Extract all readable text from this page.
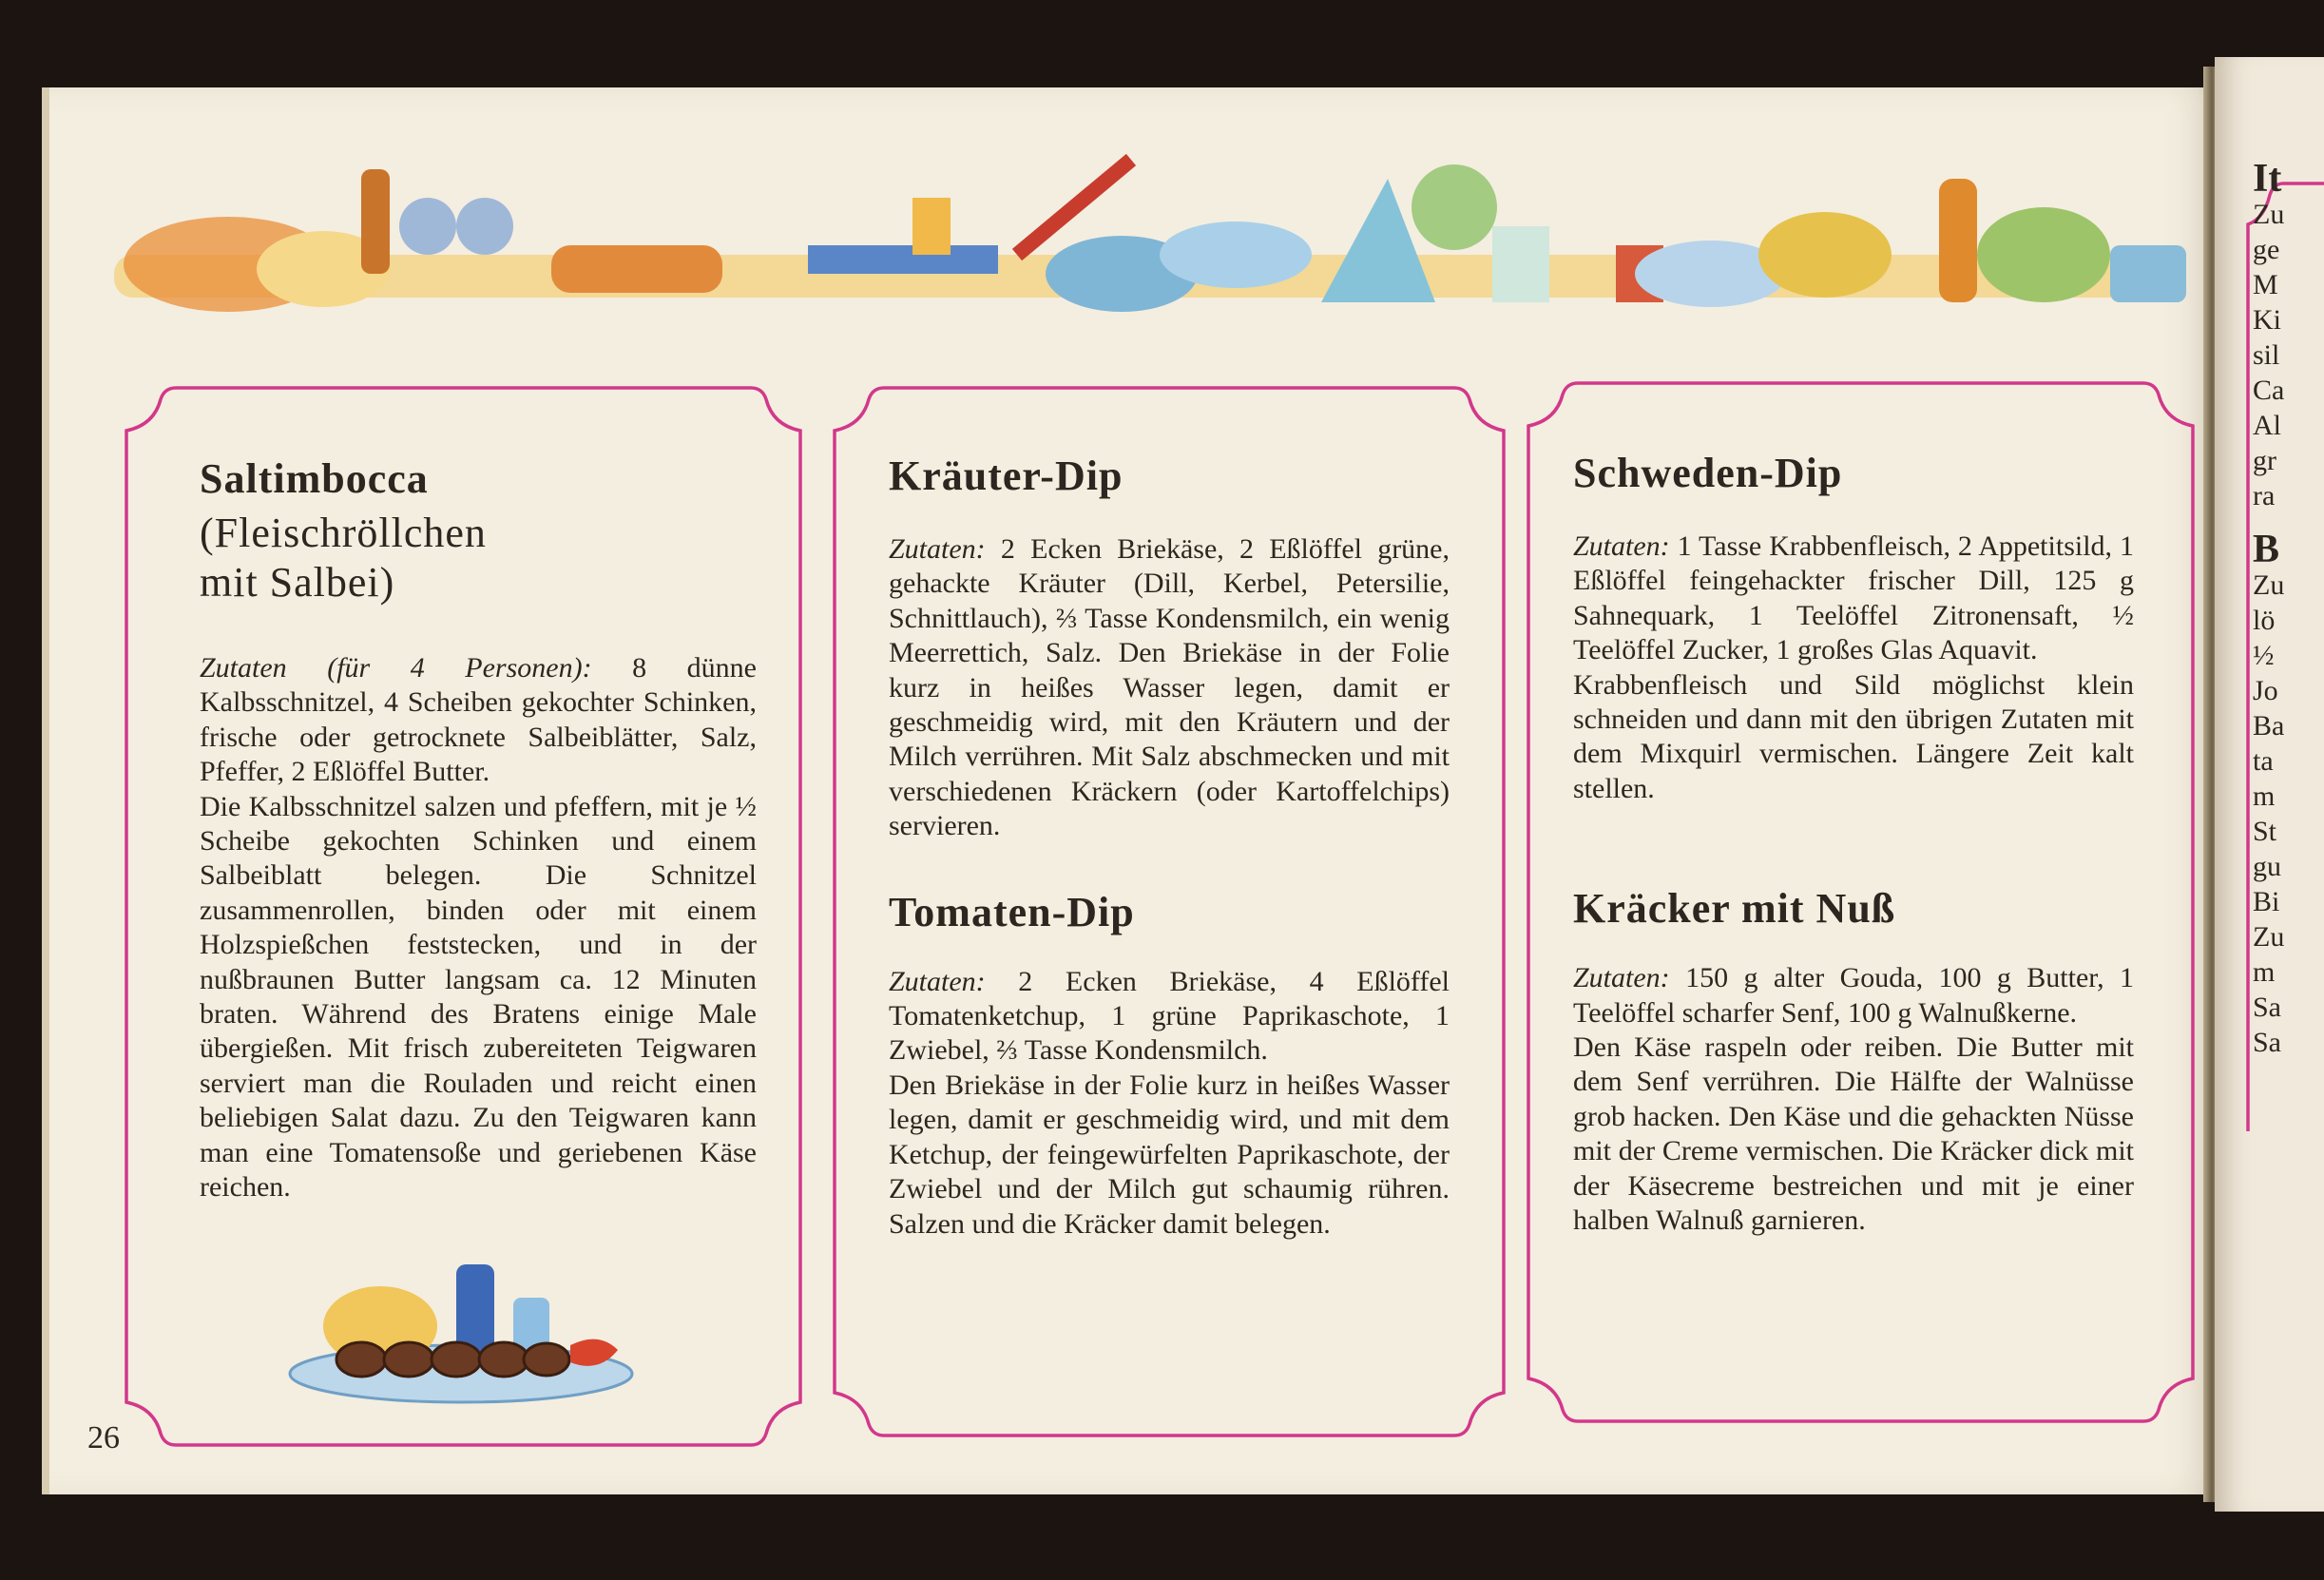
Saltimbocca
(Fleischröllchen
mit Salbei)

Zutaten (für 4 Personen): 8 dünne Kalbsschnitzel, 4 Scheiben gekochter Schinken, frische oder getrocknete Salbeiblätter, Salz, Pfeffer, 2 Eßlöffel Butter.

Die Kalbsschnitzel salzen und pfeffern, mit je ½ Scheibe gekochten Schinken und einem Salbeiblatt belegen. Die Schnitzel zusammenrollen, binden oder mit einem Holzspießchen feststecken, und in der nußbraunen Butter langsam ca. 12 Minuten braten. Während des Bratens einige Male übergießen. Mit frisch zubereiteten Teigwaren serviert man die Rouladen und reicht einen beliebigen Salat dazu. Zu den Teigwaren kann man eine Tomatensoße und geriebenen Käse reichen.

Kräuter-Dip

Zutaten: 2 Ecken Briekäse, 2 Eßlöffel grüne, gehackte Kräuter (Dill, Kerbel, Petersilie, Schnittlauch), ⅔ Tasse Kondensmilch, ein wenig Meerrettich, Salz. Den Briekäse in der Folie kurz in heißes Wasser legen, damit er geschmeidig wird, mit den Kräutern und der Milch verrühren. Mit Salz abschmecken und mit verschiedenen Kräckern (oder Kartoffelchips) servieren.

Tomaten-Dip

Zutaten: 2 Ecken Briekäse, 4 Eßlöffel Tomatenketchup, 1 grüne Paprikaschote, 1 Zwiebel, ⅔ Tasse Kondensmilch.

Den Briekäse in der Folie kurz in heißes Wasser legen, damit er geschmeidig wird, und mit dem Ketchup, der feingewürfelten Paprikaschote, der Zwiebel und der Milch gut schaumig rühren. Salzen und die Kräcker damit belegen.

Schweden-Dip

Zutaten: 1 Tasse Krabbenfleisch, 2 Appetitsild, 1 Eßlöffel feingehackter frischer Dill, 125 g Sahnequark, 1 Teelöffel Zitronensaft, ½ Teelöffel Zucker, 1 großes Glas Aquavit.

Krabbenfleisch und Sild möglichst klein schneiden und dann mit den übrigen Zutaten mit dem Mixquirl vermischen. Längere Zeit kalt stellen.

Kräcker mit Nuß

Zutaten: 150 g alter Gouda, 100 g Butter, 1 Teelöffel scharfer Senf, 100 g Walnußkerne.

Den Käse raspeln oder reiben. Die Butter mit dem Senf verrühren. Die Hälfte der Walnüsse grob hacken. Den Käse und die gehackten Nüsse mit der Creme vermischen. Die Kräcker dick mit der Käsecreme bestreichen und mit je einer halben Walnuß garnieren.

26
It
Zu
ge
M
Ki
sil
Ca
Al
gr
ra
B
Zu
lö
½
Jo
Ba
ta
m
St
gu
Bi
Zu
m
Sa
Sa
